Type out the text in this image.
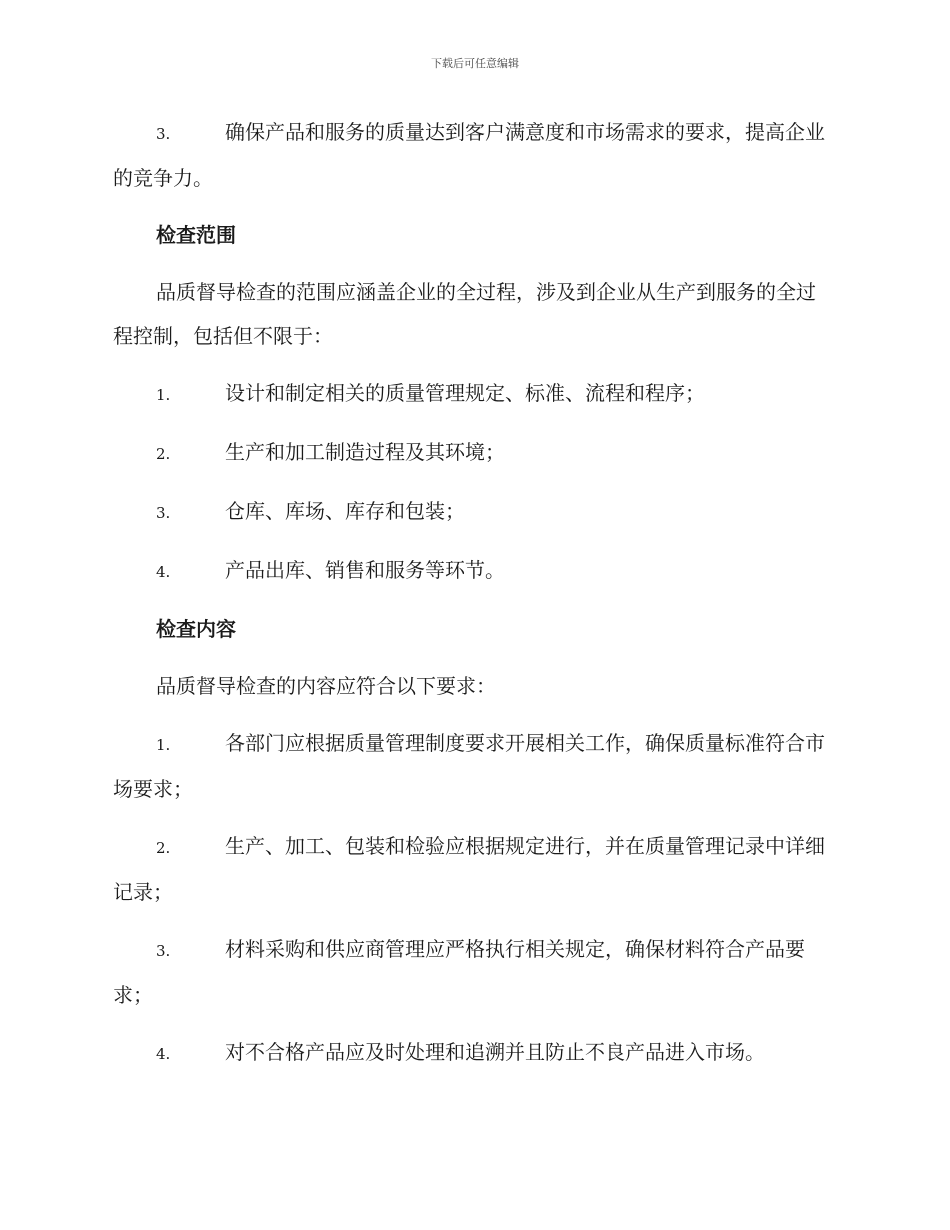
下载后可任意编辑

3.	确保产品和服务的质量达到客户满意度和市场需求的要求，提高企业的竞争力。

检查范围

品质督导检查的范围应涵盖企业的全过程，涉及到企业从生产到服务的全过程控制，包括但不限于：

1.	设计和制定相关的质量管理规定、标准、流程和程序；

2.	生产和加工制造过程及其环境；

3.	仓库、库场、库存和包装；

4.	产品出库、销售和服务等环节。

检查内容

品质督导检查的内容应符合以下要求：

1.	各部门应根据质量管理制度要求开展相关工作，确保质量标准符合市场要求；

2.	生产、加工、包装和检验应根据规定进行，并在质量管理记录中详细记录；

3.	材料采购和供应商管理应严格执行相关规定，确保材料符合产品要求；

4.	对不合格产品应及时处理和追溯并且防止不良产品进入市场。
